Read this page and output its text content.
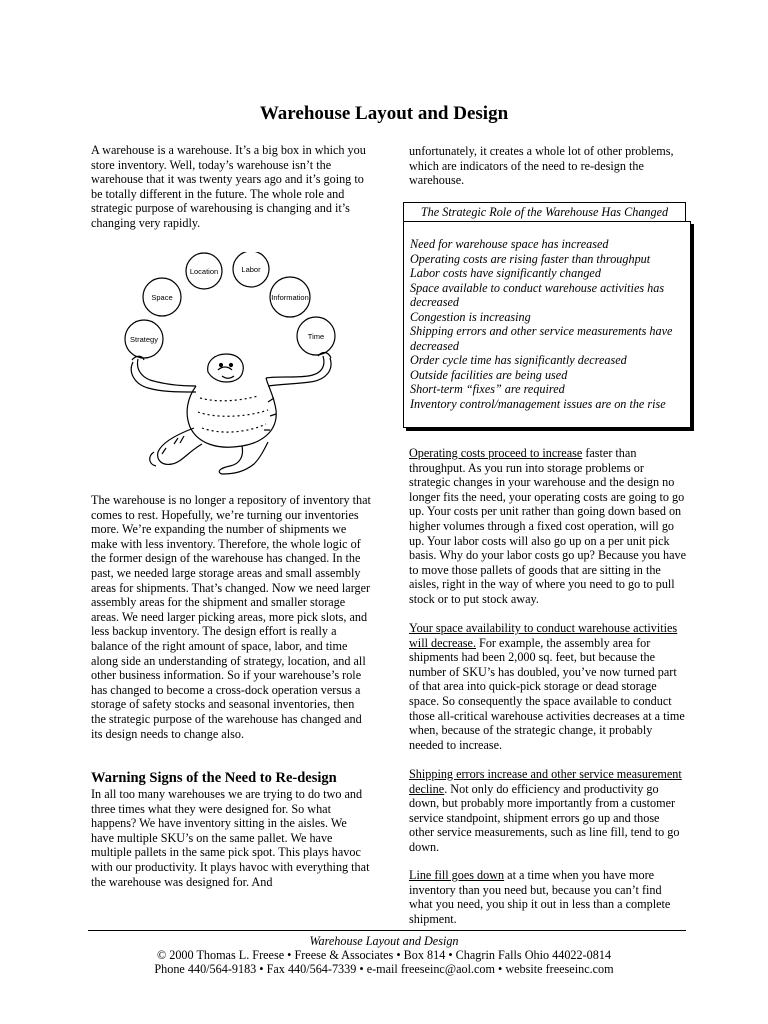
Warehouse Layout and Design

A warehouse is a warehouse. It’s a big box in which you store inventory. Well, today’s warehouse isn’t the warehouse that it was twenty years ago and it’s going to be totally different in the future. The whole role and strategic purpose of warehousing is changing and it’s changing very rapidly.

Strategy
Space
Location	Labor
Information
Time

The warehouse is no longer a repository of inventory that comes to rest. Hopefully, we’re turning our inventories more. We’re expanding the number of shipments we make with less inventory. Therefore, the whole logic of the former design of the warehouse has changed. In the past, we needed large storage areas and small assembly areas for shipments. That’s changed. Now we need larger assembly areas for the shipment and smaller storage areas. We need larger picking areas, more pick slots, and less backup inventory. The design effort is really a balance of the right amount of space, labor, and time along side an understanding of strategy, location, and all other business information. So if your warehouse’s role has changed to become a cross-dock operation versus a storage of safety stocks and seasonal inventories, then the strategic purpose of the warehouse has changed and its design needs to change also.

Warning Signs of the Need to Re-design

In all too many warehouses we are trying to do two and three times what they were designed for. So what happens? We have inventory sitting in the aisles. We have multiple SKU’s on the same pallet. We have multiple pallets in the same pick spot. This plays havoc with our productivity. It plays havoc with everything that the warehouse was designed for. And

unfortunately, it creates a whole lot of other problems, which are indicators of the need to re-design the warehouse.

The Strategic Role of the Warehouse Has Changed
Need for warehouse space has increased
Operating costs are rising faster than throughput
Labor costs have significantly changed
Space available to conduct warehouse activities has decreased
Congestion is increasing
Shipping errors and other service measurements have decreased
Order cycle time has significantly decreased
Outside facilities are being used
Short-term “fixes” are required
Inventory control/management issues are on the rise

Operating costs proceed to increase faster than throughput. As you run into storage problems or strategic changes in your warehouse and the design no longer fits the need, your operating costs are going to go up. Your costs per unit rather than going down based on higher volumes through a fixed cost operation, will go up. Your labor costs will also go up on a per unit pick basis. Why do your labor costs go up? Because you have to move those pallets of goods that are sitting in the aisles, right in the way of where you need to go to pull stock or to put stock away.

Your space availability to conduct warehouse activities will decrease. For example, the assembly area for shipments had been 2,000 sq. feet, but because the number of SKU’s has doubled, you’ve now turned part of that area into quick-pick storage or dead storage space. So consequently the space available to conduct those all-critical warehouse activities decreases at a time when, because of the strategic change, it probably needed to increase.

Shipping errors increase and other service measurement decline. Not only do efficiency and productivity go down, but probably more importantly from a customer service standpoint, shipment errors go up and those other service measurements, such as line fill, tend to go down.

Line fill goes down at a time when you have more inventory than you need but, because you can’t find what you need, you ship it out in less than a complete shipment.

Warehouse Layout and Design
© 2000 Thomas L. Freese • Freese & Associates • Box 814 • Chagrin Falls Ohio 44022-0814
Phone 440/564-9183 • Fax 440/564-7339 • e-mail freeseinc@aol.com • website freeseinc.com
